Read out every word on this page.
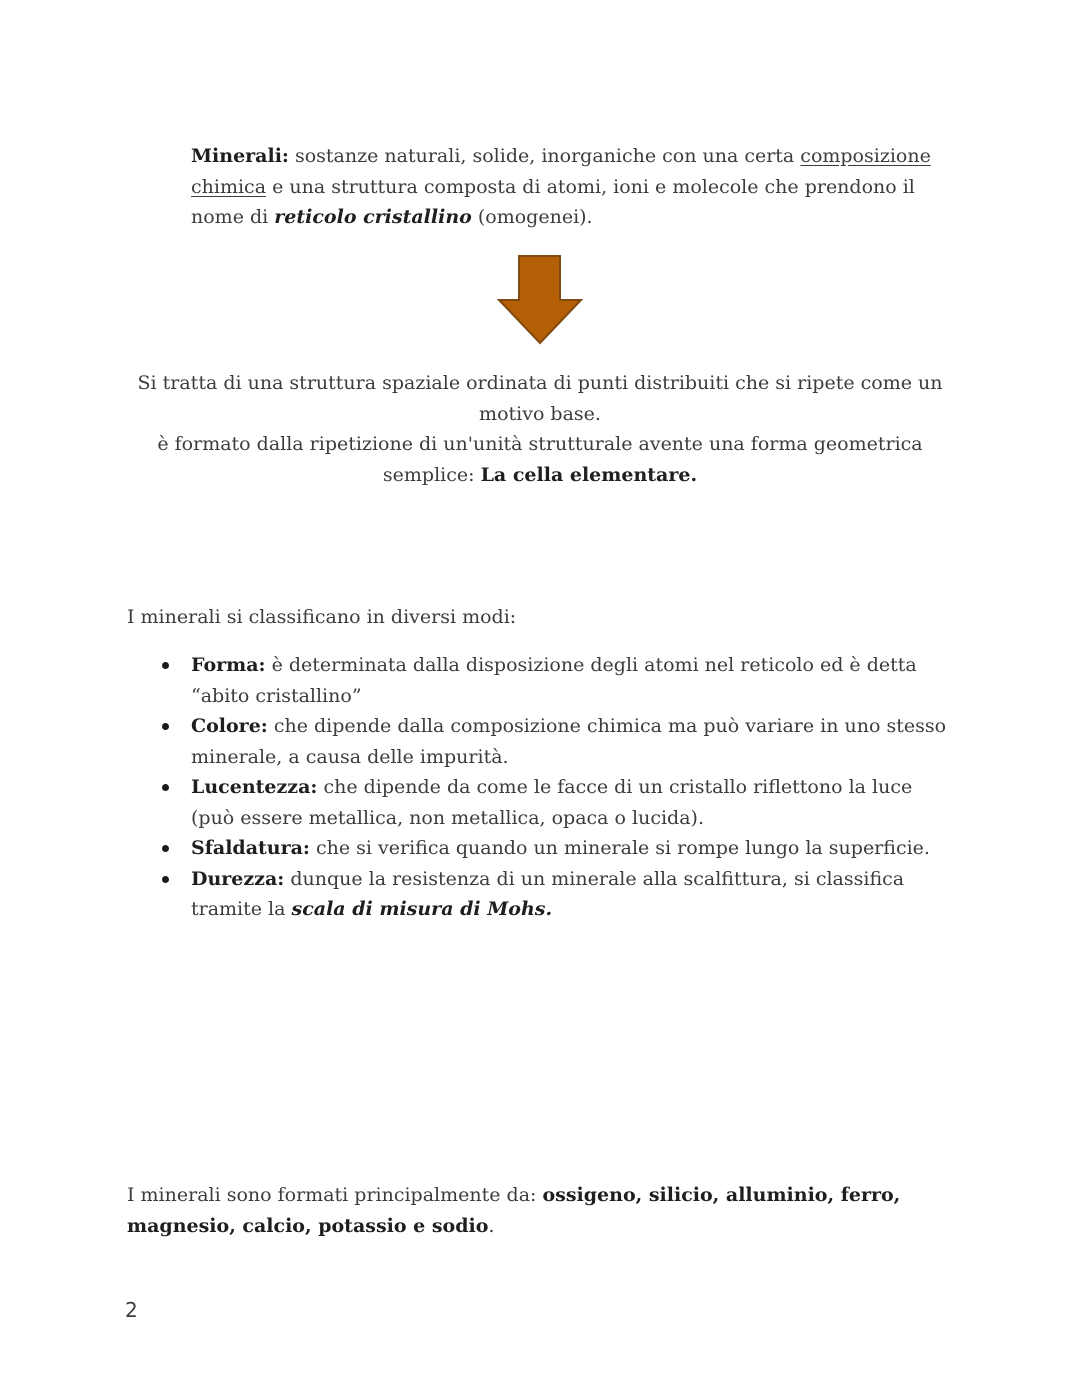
Minerali: sostanze naturali, solide, inorganiche con una certa composizione chimica e una struttura composta di atomi, ioni e molecole che prendono il nome di reticolo cristallino (omogenei).

Si tratta di una struttura spaziale ordinata di punti distribuiti che si ripete come un motivo base.

è formato dalla ripetizione di un'unità strutturale avente una forma geometrica semplice: La cella elementare.

I minerali si classificano in diversi modi:

Forma: è determinata dalla disposizione degli atomi nel reticolo ed è detta “abito cristallino”
Colore: che dipende dalla composizione chimica ma può variare in uno stesso minerale, a causa delle impurità.
Lucentezza: che dipende da come le facce di un cristallo riflettono la luce (può essere metallica, non metallica, opaca o lucida).
Sfaldatura: che si verifica quando un minerale si rompe lungo la superficie.
Durezza: dunque la resistenza di un minerale alla scalfittura, si classifica tramite la scala di misura di Mohs.

I minerali sono formati principalmente da: ossigeno, silicio, alluminio, ferro, magnesio, calcio, potassio e sodio.

2
